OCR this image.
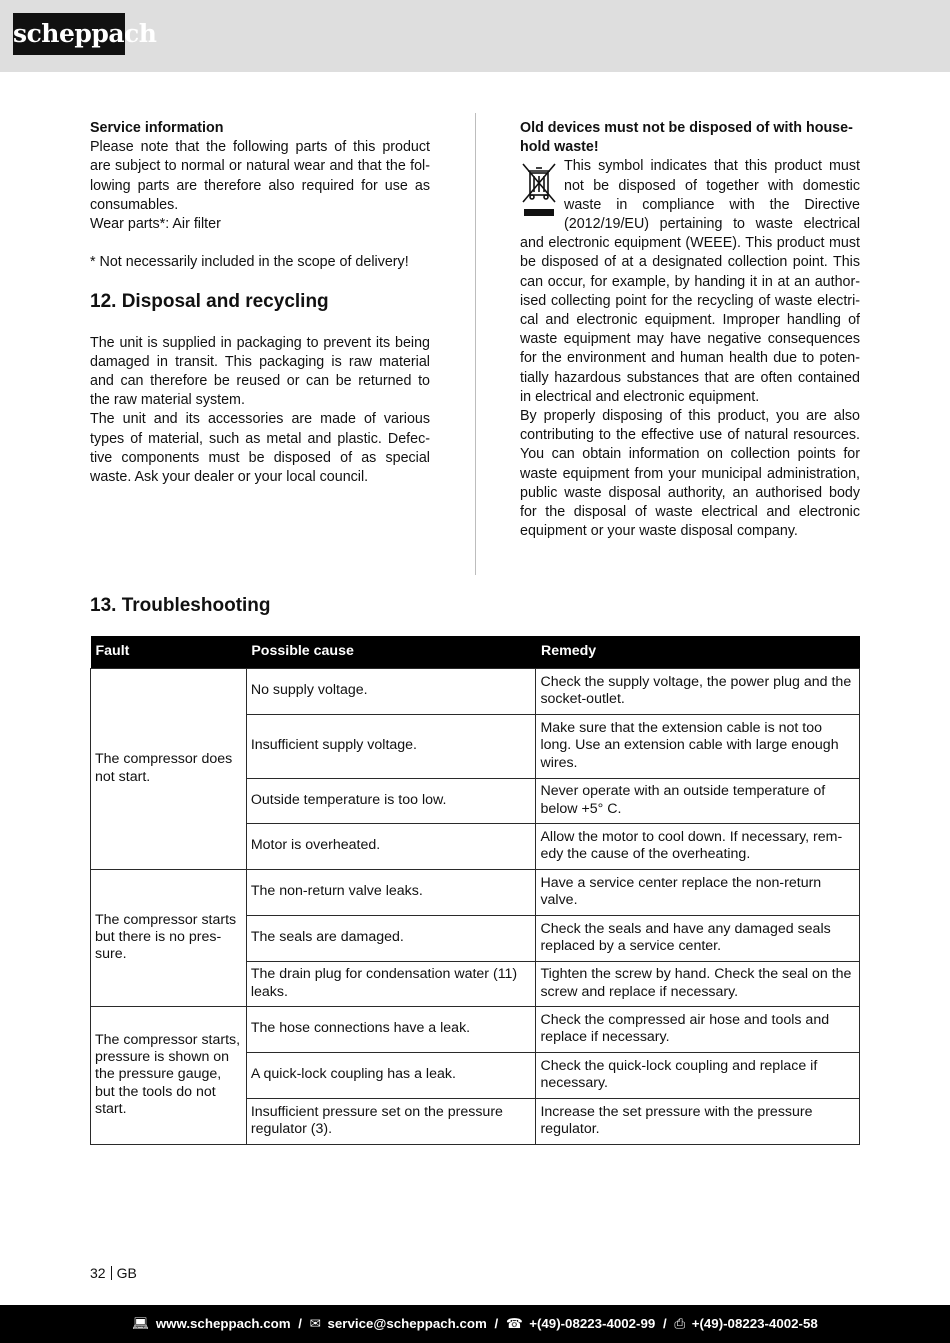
scheppach
Service information
Please note that the following parts of this product are subject to normal or natural wear and that the fol-lowing parts are therefore also required for use as consumables.
Wear parts*: Air filter
* Not necessarily included in the scope of delivery!
12. Disposal and recycling
The unit is supplied in packaging to prevent its being damaged in transit. This packaging is raw material and can therefore be reused or can be returned to the raw material system.
The unit and its accessories are made of various types of material, such as metal and plastic. Defec-tive components must be disposed of as special waste. Ask your dealer or your local council.
Old devices must not be disposed of with house-hold waste!
This symbol indicates that this product must not be disposed of together with domestic waste in compliance with the Directive (2012/19/EU) pertaining to waste electrical and electronic equipment (WEEE). This product must be disposed of at a designated collection point. This can occur, for example, by handing it in at an author-ised collecting point for the recycling of waste electri-cal and electronic equipment. Improper handling of waste equipment may have negative consequences for the environment and human health due to poten-tially hazardous substances that are often contained in electrical and electronic equipment.
By properly disposing of this product, you are also contributing to the effective use of natural resources. You can obtain information on collection points for waste equipment from your municipal administration, public waste disposal authority, an authorised body for the disposal of waste electrical and electronic equipment or your waste disposal company.
13. Troubleshooting
Fault	Possible cause	Remedy
The compressor does not start.	No supply voltage.	Check the supply voltage, the power plug and the socket-outlet.
	Insufficient supply voltage.	Make sure that the extension cable is not too long. Use an extension cable with large enough wires.
	Outside temperature is too low.	Never operate with an outside temperature of below +5° C.
	Motor is overheated.	Allow the motor to cool down. If necessary, rem-edy the cause of the overheating.
The compressor starts but there is no pres-sure.	The non-return valve leaks.	Have a service center replace the non-return valve.
	The seals are damaged.	Check the seals and have any damaged seals replaced by a service center.
	The drain plug for condensation water (11) leaks.	Tighten the screw by hand. Check the seal on the screw and replace if necessary.
The compressor starts, pressure is shown on the pressure gauge, but the tools do not start.	The hose connections have a leak.	Check the compressed air hose and tools and replace if necessary.
	A quick-lock coupling has a leak.	Check the quick-lock coupling and replace if necessary.
	Insufficient pressure set on the pressure regulator (3).	Increase the set pressure with the pressure regulator.
32 GB
💻︎ www.scheppach.com / ✉︎ service@scheppach.com / ☎︎ +(49)-08223-4002-99 / ⎙ +(49)-08223-4002-58
